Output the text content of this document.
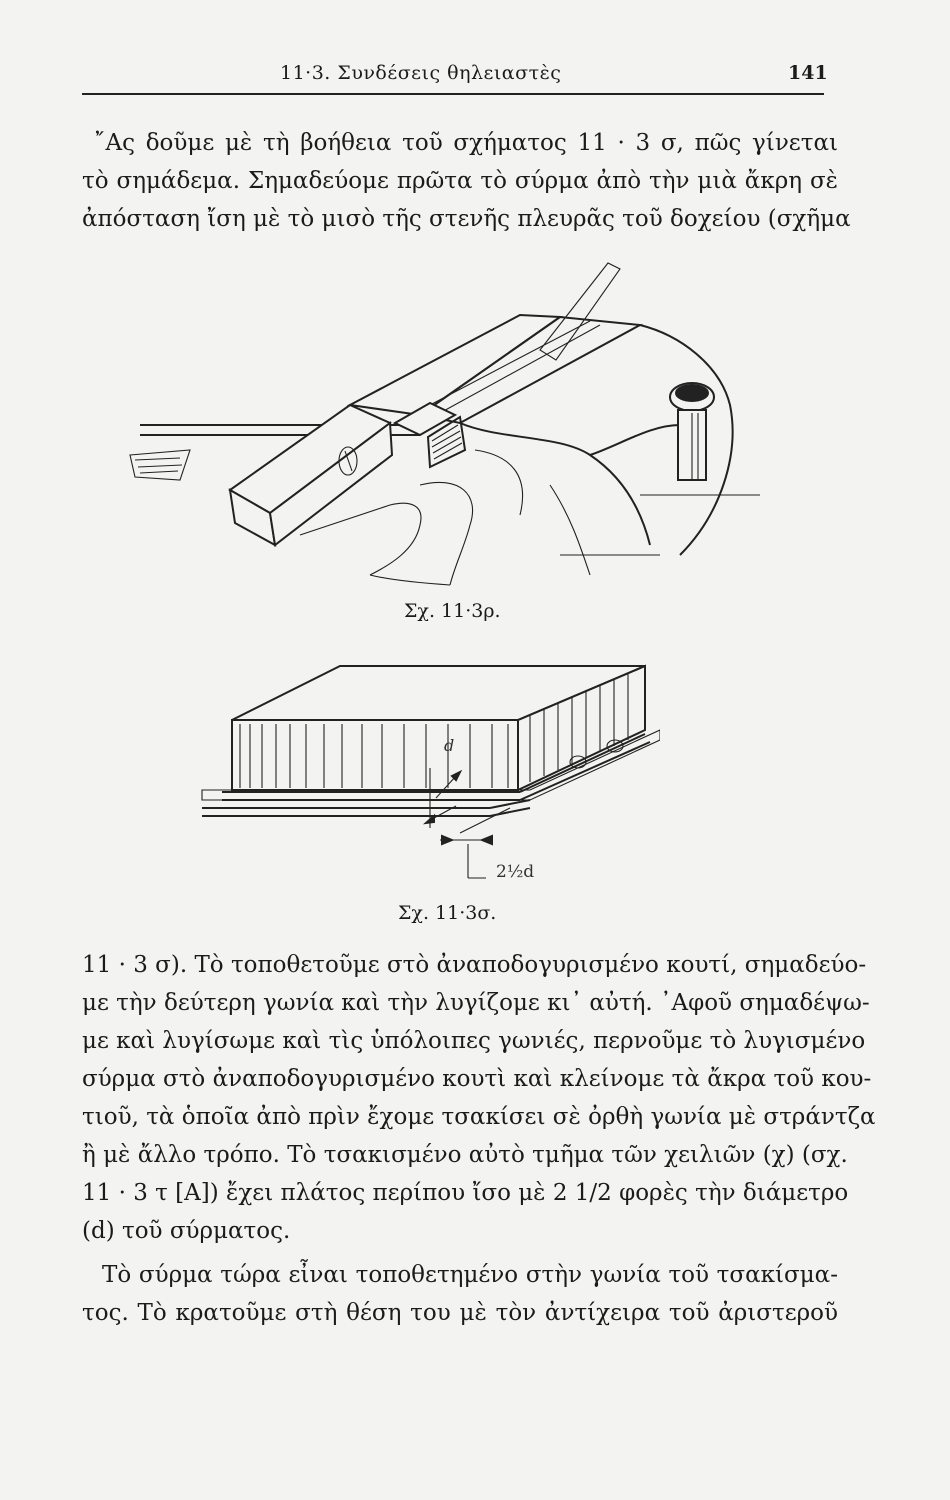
11·3. Συνδέσεις θηλειαστὲς	141
῎Ας δοῦμε μὲ τὴ βοήθεια τοῦ σχήματος 11 · 3 σ, πῶς γίνεται
τὸ σημάδεμα. Σημαδεύομε πρῶτα τὸ σύρμα ἀπὸ τὴν μιὰ ἄκρη σὲ
ἀπόσταση ἴση μὲ τὸ μισὸ τῆς στενῆς πλευρᾶς τοῦ δοχείου (σχῆμα
Σχ. 11·3ρ.
d
2½d
Σχ. 11·3σ.
11 · 3 σ). Τὸ τοποθετοῦμε στὸ ἀναποδογυρισμένο κουτί, σημαδεύο-
με τὴν δεύτερη γωνία καὶ τὴν λυγίζομε κι᾽ αὐτή. ᾽Αφοῦ σημαδέψω-
με καὶ λυγίσωμε καὶ τὶς ὑπόλοιπες γωνιές, περνοῦμε τὸ λυγισμένο
σύρμα στὸ ἀναποδογυρισμένο κουτὶ καὶ κλείνομε τὰ ἄκρα τοῦ κου-
τιοῦ, τὰ ὁποῖα ἀπὸ πρὶν ἔχομε τσακίσει σὲ ὀρθὴ γωνία μὲ στράντζα
ἢ μὲ ἄλλο τρόπο. Τὸ τσακισμένο αὐτὸ τμῆμα τῶν χειλιῶν (χ) (σχ.
11 · 3 τ [A]) ἔχει πλάτος περίπου ἴσο μὲ 2 1/2 φορὲς τὴν διάμετρο
(d) τοῦ σύρματος.
Τὸ σύρμα τώρα εἶναι τοποθετημένο στὴν γωνία τοῦ τσακίσμα-
τος. Τὸ κρατοῦμε στὴ θέση του μὲ τὸν ἀντίχειρα τοῦ ἀριστεροῦ
